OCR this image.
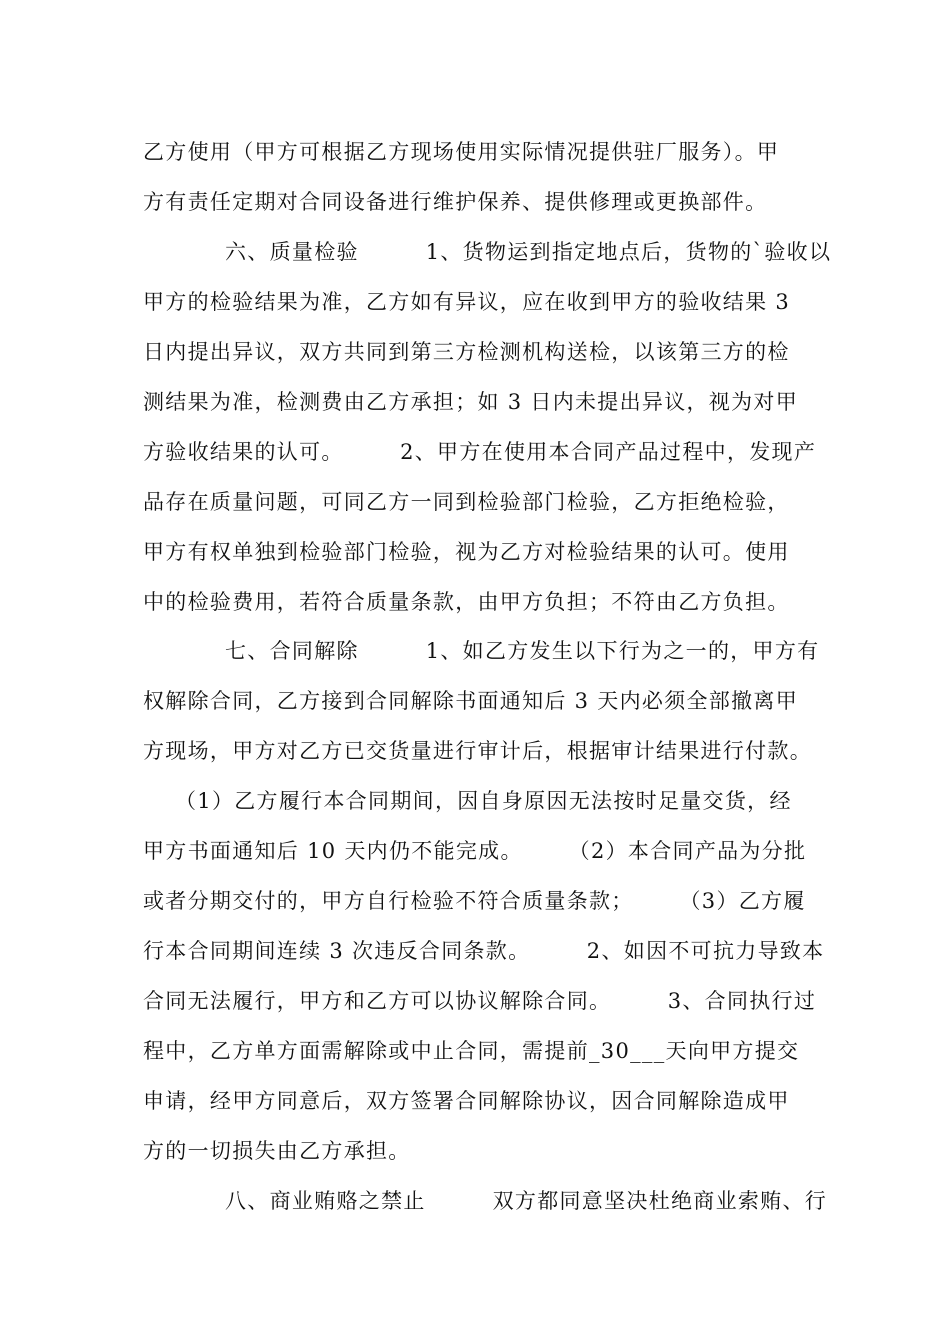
乙方使用（甲方可根据乙方现场使用实际情况提供驻厂服务）。甲
方有责任定期对合同设备进行维护保养、提供修理或更换部件。
六、质量检验　　　1、货物运到指定地点后，货物的`验收以
甲方的检验结果为准，乙方如有异议，应在收到甲方的验收结果 3
日内提出异议，双方共同到第三方检测机构送检，以该第三方的检
测结果为准，检测费由乙方承担；如 3 日内未提出异议，视为对甲
方验收结果的认可。　　　2、甲方在使用本合同产品过程中，发现产
品存在质量问题，可同乙方一同到检验部门检验，乙方拒绝检验，
甲方有权单独到检验部门检验，视为乙方对检验结果的认可。使用
中的检验费用，若符合质量条款，由甲方负担；不符由乙方负担。
七、合同解除　　　1、如乙方发生以下行为之一的，甲方有
权解除合同，乙方接到合同解除书面通知后 3 天内必须全部撤离甲
方现场，甲方对乙方已交货量进行审计后，根据审计结果进行付款。
（1）乙方履行本合同期间，因自身原因无法按时足量交货，经
甲方书面通知后 10 天内仍不能完成。　　　（2）本合同产品为分批
或者分期交付的，甲方自行检验不符合质量条款；　　　（3）乙方履
行本合同期间连续 3 次违反合同条款。　　　2、如因不可抗力导致本
合同无法履行，甲方和乙方可以协议解除合同。　　　3、合同执行过
程中，乙方单方面需解除或中止合同，需提前_30___天向甲方提交
申请，经甲方同意后，双方签署合同解除协议，因合同解除造成甲
方的一切损失由乙方承担。
八、商业贿赂之禁止　　　双方都同意坚决杜绝商业索贿、行
